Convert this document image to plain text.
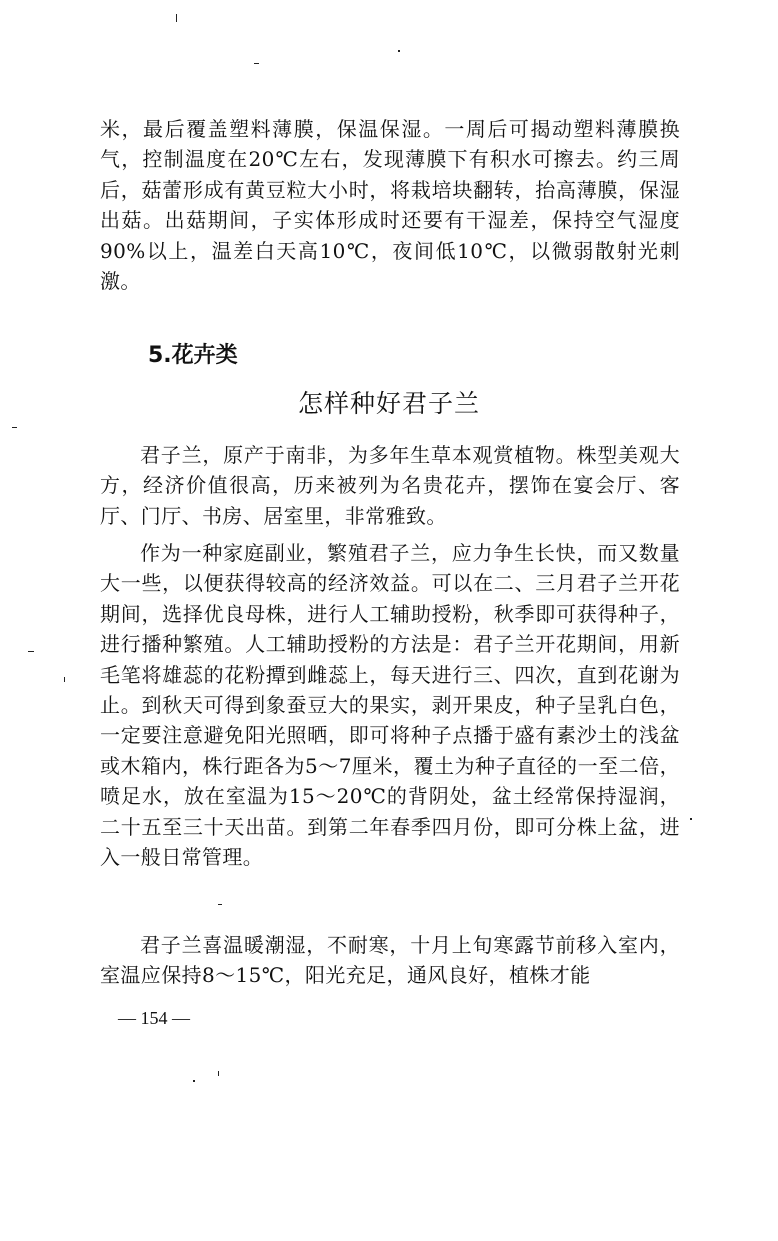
米，最后覆盖塑料薄膜，保温保湿。一周后可揭动塑料薄膜换气，控制温度在20℃左右，发现薄膜下有积水可擦去。约三周后，菇蕾形成有黄豆粒大小时，将栽培块翻转，抬高薄膜，保湿出菇。出菇期间，子实体形成时还要有干湿差，保持空气湿度90%以上，温差白天高10℃，夜间低10℃，以微弱散射光刺激。

5.花卉类
怎样种好君子兰

君子兰，原产于南非，为多年生草本观赏植物。株型美观大方，经济价值很高，历来被列为名贵花卉，摆饰在宴会厅、客厅、门厅、书房、居室里，非常雅致。

作为一种家庭副业，繁殖君子兰，应力争生长快，而又数量大一些，以便获得较高的经济效益。可以在二、三月君子兰开花期间，选择优良母株，进行人工辅助授粉，秋季即可获得种子，进行播种繁殖。人工辅助授粉的方法是：君子兰开花期间，用新毛笔将雄蕊的花粉撢到雌蕊上，每天进行三、四次，直到花谢为止。到秋天可得到象蚕豆大的果实，剥开果皮，种子呈乳白色，一定要注意避免阳光照晒，即可将种子点播于盛有素沙土的浅盆或木箱内，株行距各为5～7厘米，覆土为种子直径的一至二倍，喷足水，放在室温为15～20℃的背阴处，盆土经常保持湿润，二十五至三十天出苗。到第二年春季四月份，即可分株上盆，进入一般日常管理。

君子兰喜温暖潮湿，不耐寒，十月上旬寒露节前移入室内，室温应保持8～15℃，阳光充足，通风良好，植株才能

— 154 —
